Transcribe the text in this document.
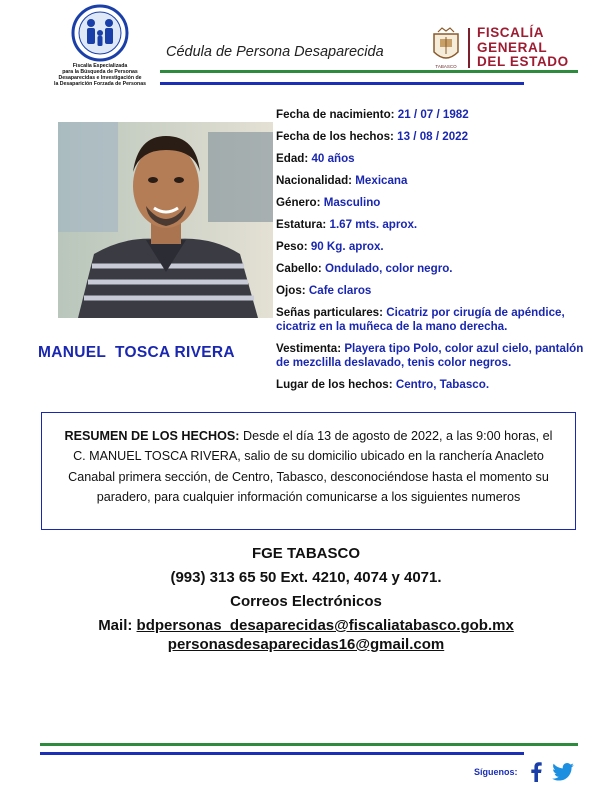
Fiscalía Especializada
para la Búsqueda de Personas
Desaparecidas e Investigación de
la Desaparición Forzada de Personas
Cédula de Persona Desaparecida
TABASCO
FISCALÍA
GENERAL
DEL ESTADO
MANUEL  TOSCA RIVERA

Fecha de nacimiento: 21 / 07 / 1982

Fecha de los hechos: 13 / 08 / 2022

Edad: 40 años

Nacionalidad: Mexicana

Género: Masculino

Estatura: 1.67 mts. aprox.

Peso: 90 Kg. aprox.

Cabello: Ondulado, color negro.

Ojos: Cafe claros

Señas particulares: Cicatriz por cirugía de apéndice, cicatriz en la muñeca de la mano derecha.

Vestimenta: Playera tipo Polo, color azul cielo, pantalón de mezclilla deslavado, tenis color negros.

Lugar de los hechos: Centro, Tabasco.

RESUMEN DE LOS HECHOS: Desde el día 13 de agosto de 2022, a las 9:00 horas, el C. MANUEL TOSCA RIVERA, salio de su domicilio ubicado en la ranchería Anacleto Canabal primera sección, de Centro, Tabasco, desconociéndose hasta el momento su paradero, para cualquier información comunicarse a los siguientes numeros
FGE TABASCO
(993) 313 65 50 Ext. 4210, 4074 y 4071.
Correos Electrónicos
Mail: bdpersonas_desaparecidas@fiscaliatabasco.gob.mx
personasdesaparecidas16@gmail.com
Síguenos:
